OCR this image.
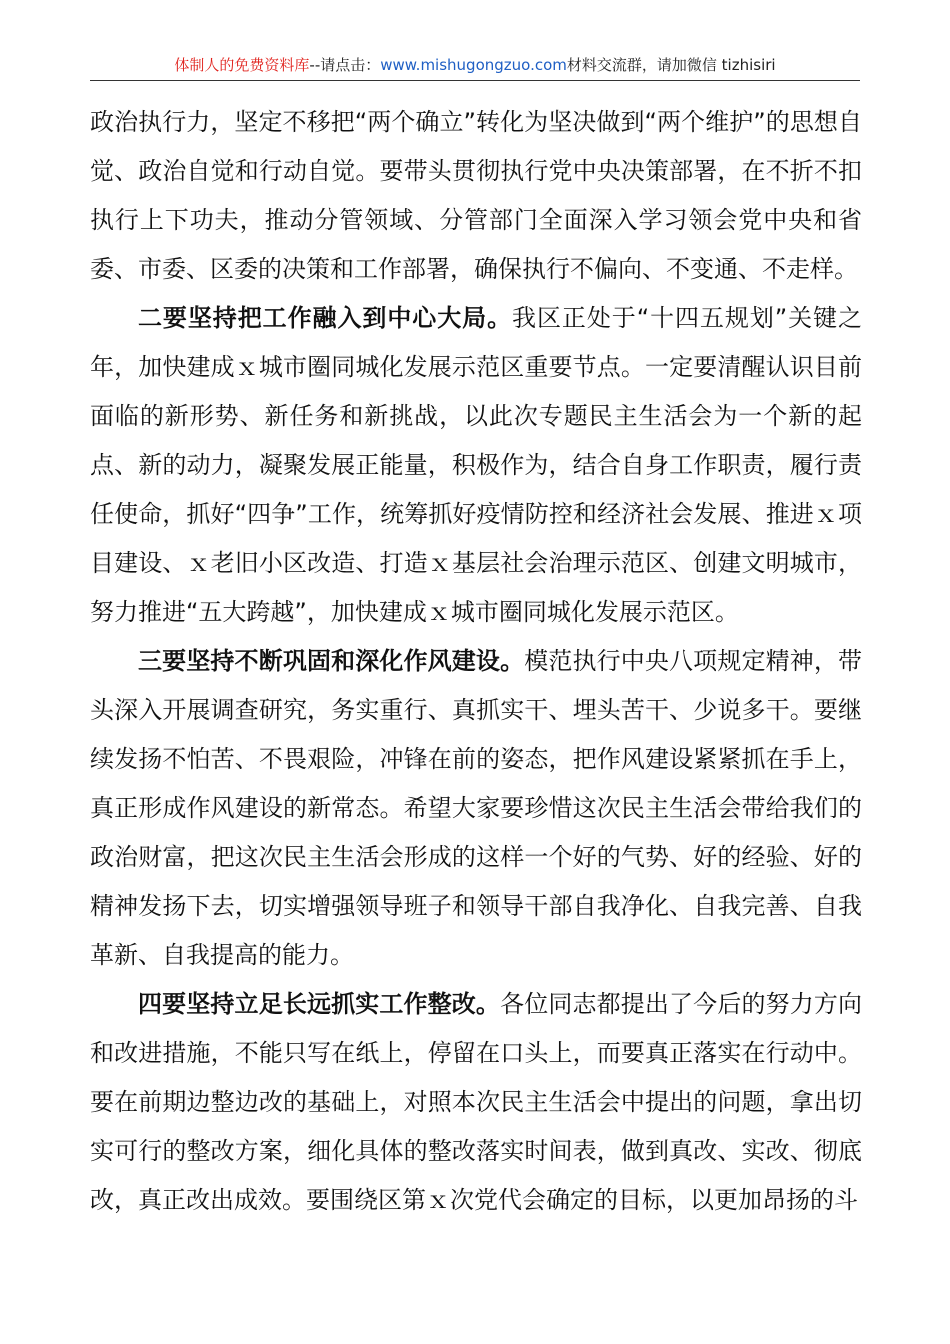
体制人的免费资料库--请点击：www.mishugongzuo.com材料交流群，请加微信 tizhisiri

政治执行力，坚定不移把“两个确立”转化为坚决做到“两个维护”的思想自觉、政治自觉和行动自觉。要带头贯彻执行党中央决策部署，在不折不扣执行上下功夫，推动分管领域、分管部门全面深入学习领会党中央和省委、市委、区委的决策和工作部署，确保执行不偏向、不变通、不走样。

二要坚持把工作融入到中心大局。我区正处于“十四五规划”关键之年，加快建成ｘ城市圈同城化发展示范区重要节点。一定要清醒认识目前面临的新形势、新任务和新挑战，以此次专题民主生活会为一个新的起点、新的动力，凝聚发展正能量，积极作为，结合自身工作职责，履行责任使命，抓好“四争”工作，统筹抓好疫情防控和经济社会发展、推进ｘ项目建设、ｘ老旧小区改造、打造ｘ基层社会治理示范区、创建文明城市，努力推进“五大跨越”，加快建成ｘ城市圈同城化发展示范区。

三要坚持不断巩固和深化作风建设。模范执行中央八项规定精神，带头深入开展调查研究，务实重行、真抓实干、埋头苦干、少说多干。要继续发扬不怕苦、不畏艰险，冲锋在前的姿态，把作风建设紧紧抓在手上，真正形成作风建设的新常态。希望大家要珍惜这次民主生活会带给我们的政治财富，把这次民主生活会形成的这样一个好的气势、好的经验、好的精神发扬下去，切实增强领导班子和领导干部自我净化、自我完善、自我革新、自我提高的能力。

四要坚持立足长远抓实工作整改。各位同志都提出了今后的努力方向和改进措施，不能只写在纸上，停留在口头上，而要真正落实在行动中。要在前期边整边改的基础上，对照本次民主生活会中提出的问题，拿出切实可行的整改方案，细化具体的整改落实时间表，做到真改、实改、彻底改，真正改出成效。要围绕区第ｘ次党代会确定的目标，以更加昂扬的斗
